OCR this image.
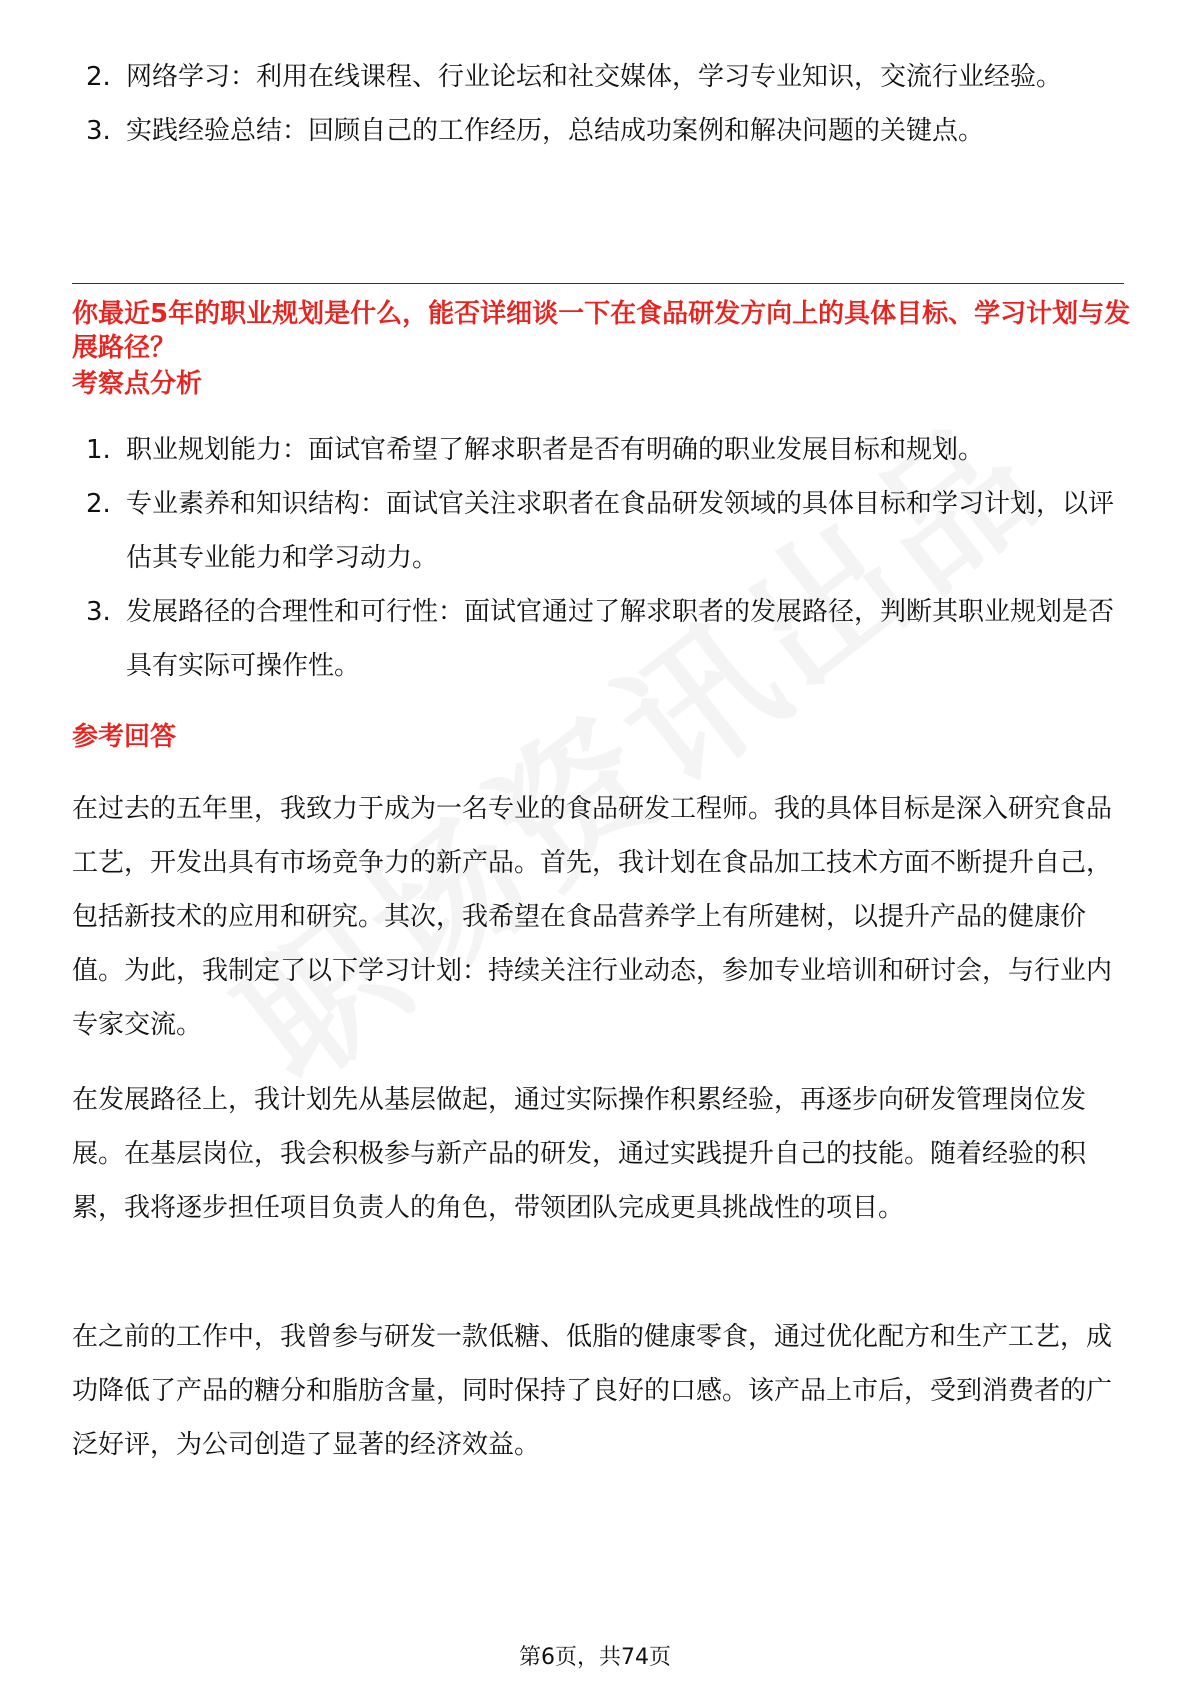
2. 网络学习：利用在线课程、行业论坛和社交媒体，学习专业知识，交流行业经验。
3. 实践经验总结：回顾自己的工作经历，总结成功案例和解决问题的关键点。
你最近5年的职业规划是什么，能否详细谈一下在食品研发方向上的具体目标、学习计划与发展路径？
考察点分析
1. 职业规划能力：面试官希望了解求职者是否有明确的职业发展目标和规划。
2. 专业素养和知识结构：面试官关注求职者在食品研发领域的具体目标和学习计划，以评估其专业能力和学习动力。
3. 发展路径的合理性和可行性：面试官通过了解求职者的发展路径，判断其职业规划是否具有实际可操作性。
参考回答

在过去的五年里，我致力于成为一名专业的食品研发工程师。我的具体目标是深入研究食品工艺，开发出具有市场竞争力的新产品。首先，我计划在食品加工技术方面不断提升自己，包括新技术的应用和研究。其次，我希望在食品营养学上有所建树，以提升产品的健康价值。为此，我制定了以下学习计划：持续关注行业动态，参加专业培训和研讨会，与行业内专家交流。

在发展路径上，我计划先从基层做起，通过实际操作积累经验，再逐步向研发管理岗位发展。在基层岗位，我会积极参与新产品的研发，通过实践提升自己的技能。随着经验的积累，我将逐步担任项目负责人的角色，带领团队完成更具挑战性的项目。

在之前的工作中，我曾参与研发一款低糖、低脂的健康零食，通过优化配方和生产工艺，成功降低了产品的糖分和脂肪含量，同时保持了良好的口感。该产品上市后，受到消费者的广泛好评，为公司创造了显著的经济效益。

第6页，共74页
